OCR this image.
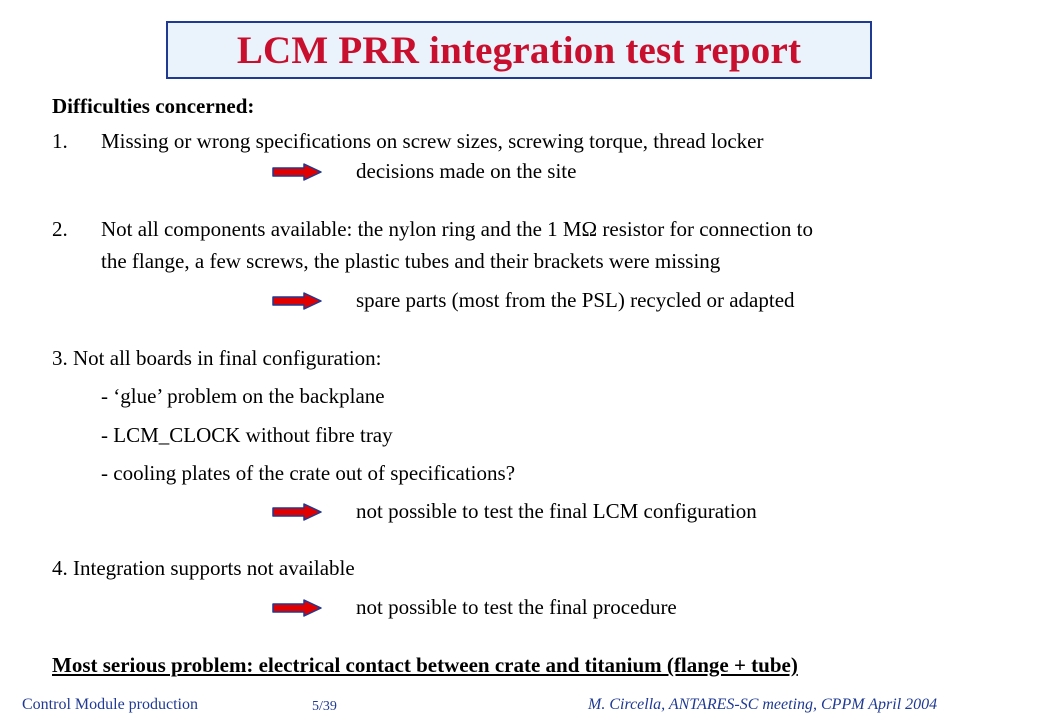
LCM PRR integration test report
Difficulties concerned:
1. Missing or wrong specifications on screw sizes, screwing torque, thread locker
decisions made on the site
2. Not all components available: the nylon ring and the 1 MΩ resistor for connection to
the flange, a few screws, the plastic tubes and their brackets were missing
spare parts (most from the PSL) recycled or adapted
3. Not all boards in final configuration:
- ‘glue’ problem on the backplane
- LCM_CLOCK without fibre tray
- cooling plates of the crate out of specifications?
not possible to test the final LCM configuration
4. Integration supports not available
not possible to test the final procedure
Most serious problem: electrical contact between crate and titanium (flange + tube)
Control Module production	5/39	M. Circella, ANTARES-SC meeting, CPPM April 2004
